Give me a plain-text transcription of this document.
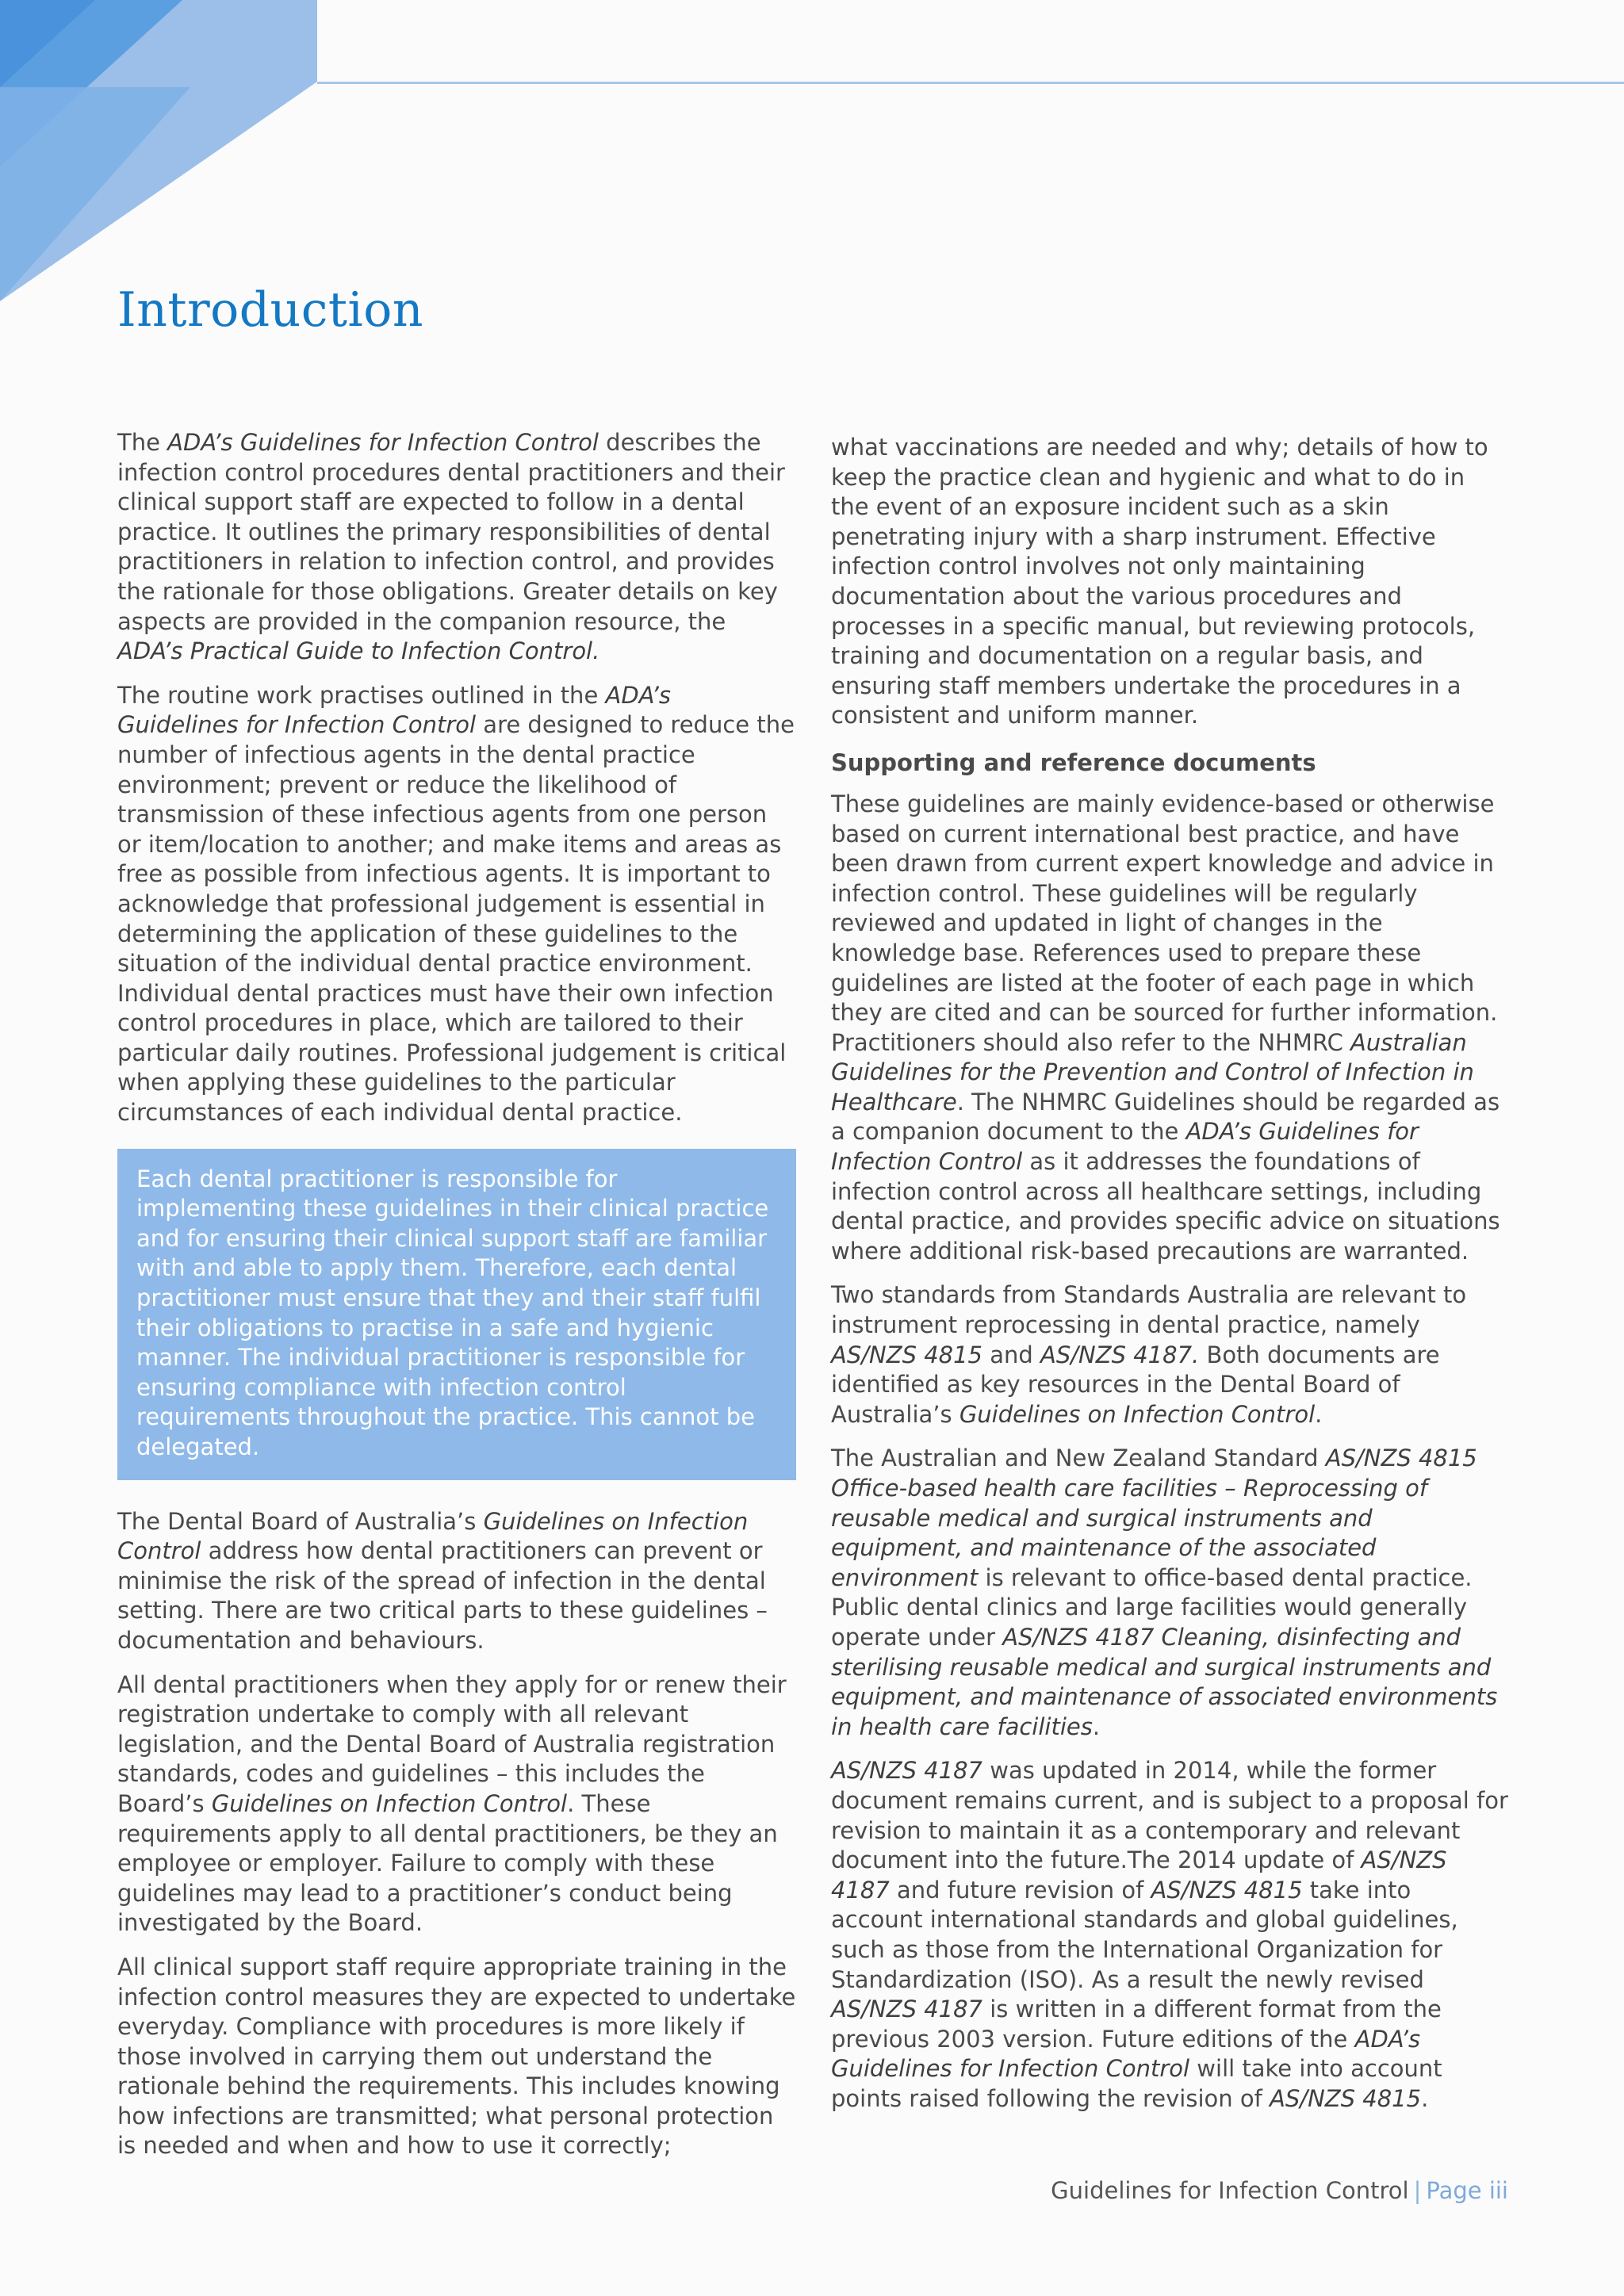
Introduction

The ADA’s Guidelines for Infection Control describes the infection control procedures dental practitioners and their clinical support staff are expected to follow in a dental practice. It outlines the primary responsibilities of dental practitioners in relation to infection control, and provides the rationale for those obligations. Greater details on key aspects are provided in the companion resource, the ADA’s Practical Guide to Infection Control.

The routine work practises outlined in the ADA’s Guidelines for Infection Control are designed to reduce the number of infectious agents in the dental practice environment; prevent or reduce the likelihood of transmission of these infectious agents from one person or item/location to another; and make items and areas as free as possible from infectious agents. It is important to acknowledge that professional judgement is essential in determining the application of these guidelines to the situation of the individual dental practice environment. Individual dental practices must have their own infection control procedures in place, which are tailored to their particular daily routines. Professional judgement is critical when applying these guidelines to the particular circumstances of each individual dental practice.

Each dental practitioner is responsible for implementing these guidelines in their clinical practice and for ensuring their clinical support staff are familiar with and able to apply them. Therefore, each dental practitioner must ensure that they and their staff fulfil their obligations to practise in a safe and hygienic manner. The individual practitioner is responsible for ensuring compliance with infection control requirements throughout the practice. This cannot be delegated.

The Dental Board of Australia’s Guidelines on Infection Control address how dental practitioners can prevent or minimise the risk of the spread of infection in the dental setting. There are two critical parts to these guidelines – documentation and behaviours.

All dental practitioners when they apply for or renew their registration undertake to comply with all relevant legislation, and the Dental Board of Australia registration standards, codes and guidelines – this includes the Board’s Guidelines on Infection Control. These requirements apply to all dental practitioners, be they an employee or employer. Failure to comply with these guidelines may lead to a practitioner’s conduct being investigated by the Board.

All clinical support staff require appropriate training in the infection control measures they are expected to undertake everyday. Compliance with procedures is more likely if those involved in carrying them out understand the rationale behind the requirements. This includes knowing how infections are transmitted; what personal protection is needed and when and how to use it correctly;

what vaccinations are needed and why; details of how to keep the practice clean and hygienic and what to do in the event of an exposure incident such as a skin penetrating injury with a sharp instrument. Effective infection control involves not only maintaining documentation about the various procedures and processes in a specific manual, but reviewing protocols, training and documentation on a regular basis, and ensuring staff members undertake the procedures in a consistent and uniform manner.

Supporting and reference documents

These guidelines are mainly evidence-based or otherwise based on current international best practice, and have been drawn from current expert knowledge and advice in infection control. These guidelines will be regularly reviewed and updated in light of changes in the knowledge base. References used to prepare these guidelines are listed at the footer of each page in which they are cited and can be sourced for further information. Practitioners should also refer to the NHMRC Australian Guidelines for the Prevention and Control of Infection in Healthcare. The NHMRC Guidelines should be regarded as a companion document to the ADA’s Guidelines for Infection Control as it addresses the foundations of infection control across all healthcare settings, including dental practice, and provides specific advice on situations where additional risk-based precautions are warranted.

Two standards from Standards Australia are relevant to instrument reprocessing in dental practice, namely AS/NZS 4815 and AS/NZS 4187. Both documents are identified as key resources in the Dental Board of Australia’s Guidelines on Infection Control.

The Australian and New Zealand Standard AS/NZS 4815 Office-based health care facilities – Reprocessing of reusable medical and surgical instruments and equipment, and maintenance of the associated environment is relevant to office-based dental practice. Public dental clinics and large facilities would generally operate under AS/NZS 4187 Cleaning, disinfecting and sterilising reusable medical and surgical instruments and equipment, and maintenance of associated environments in health care facilities.

AS/NZS 4187 was updated in 2014, while the former document remains current, and is subject to a proposal for revision to maintain it as a contemporary and relevant document into the future.The 2014 update of AS/NZS 4187 and future revision of AS/NZS 4815 take into account international standards and global guidelines, such as those from the International Organization for Standardization (ISO). As a result the newly revised AS/NZS 4187 is written in a different format from the previous 2003 version. Future editions of the ADA’s Guidelines for Infection Control will take into account points raised following the revision of AS/NZS 4815.

Guidelines for Infection Control | Page iii
